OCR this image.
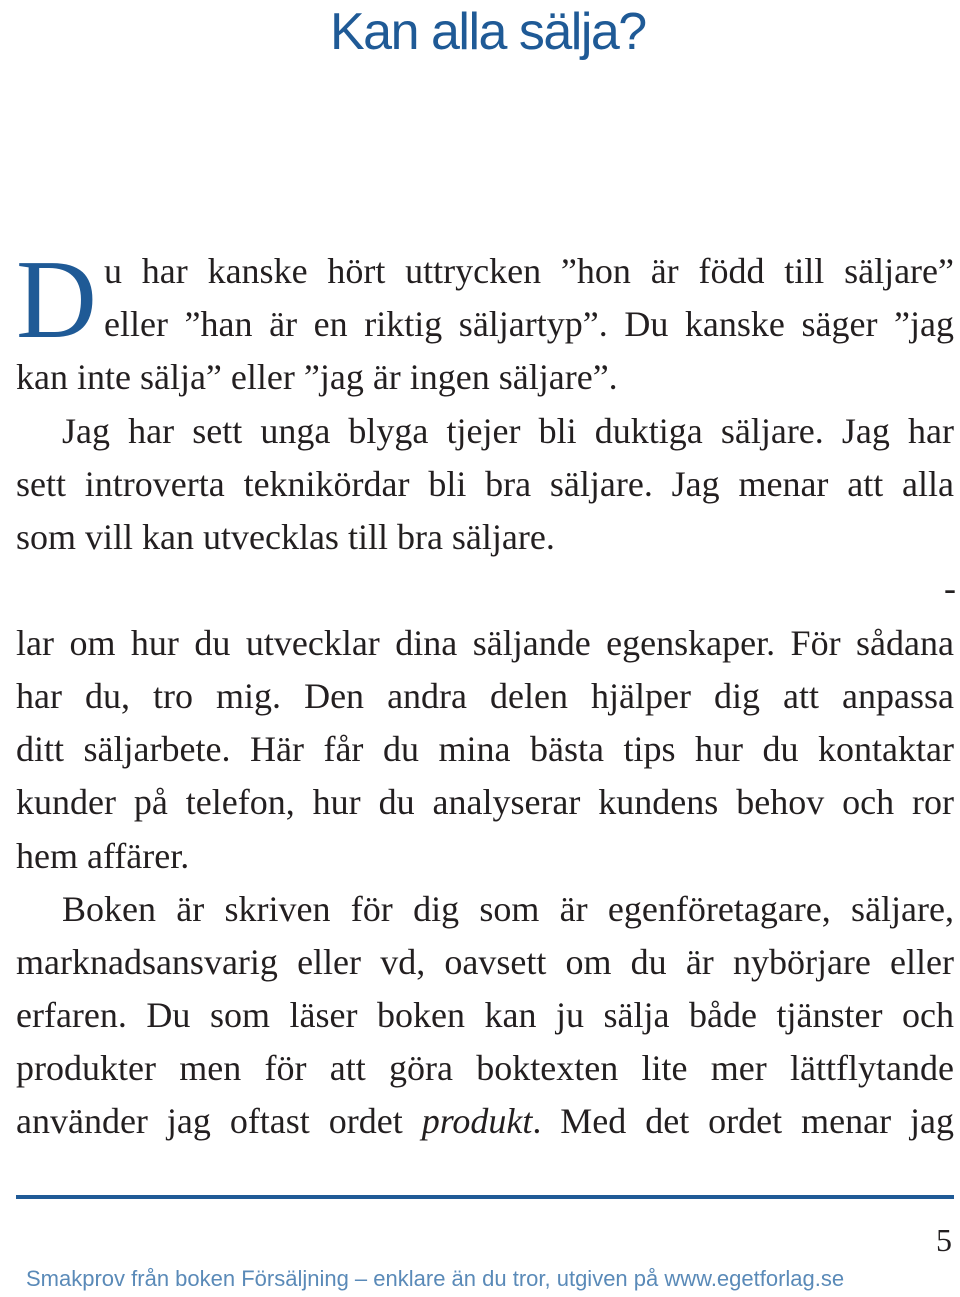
Kan alla sälja?
D u har kanske hört uttrycken ”hon är född till säljare”
eller ”han är en riktig säljartyp”. Du kanske säger ”jag
kan inte sälja” eller ”jag är ingen säljare”.
Jag har sett unga blyga tjejer bli duktiga säljare. Jag har
sett introverta teknikördar bli bra säljare. Jag menar att alla
som vill kan utvecklas till bra säljare.
-
lar om hur du utvecklar dina säljande egenskaper. För sådana
har du, tro mig. Den andra delen hjälper dig att anpassa
ditt säljarbete. Här får du mina bästa tips hur du kontaktar
kunder på telefon, hur du analyserar kundens behov och ror
hem affärer.
Boken är skriven för dig som är egenföretagare, säljare,
marknadsansvarig eller vd, oavsett om du är nybörjare eller
erfaren. Du som läser boken kan ju sälja både tjänster och
produkter men för att göra boktexten lite mer lättflytande
använder jag oftast ordet produkt. Med det ordet menar jag
5
Smakprov från boken Försäljning – enklare än du tror, utgiven på www.egetforlag.se
